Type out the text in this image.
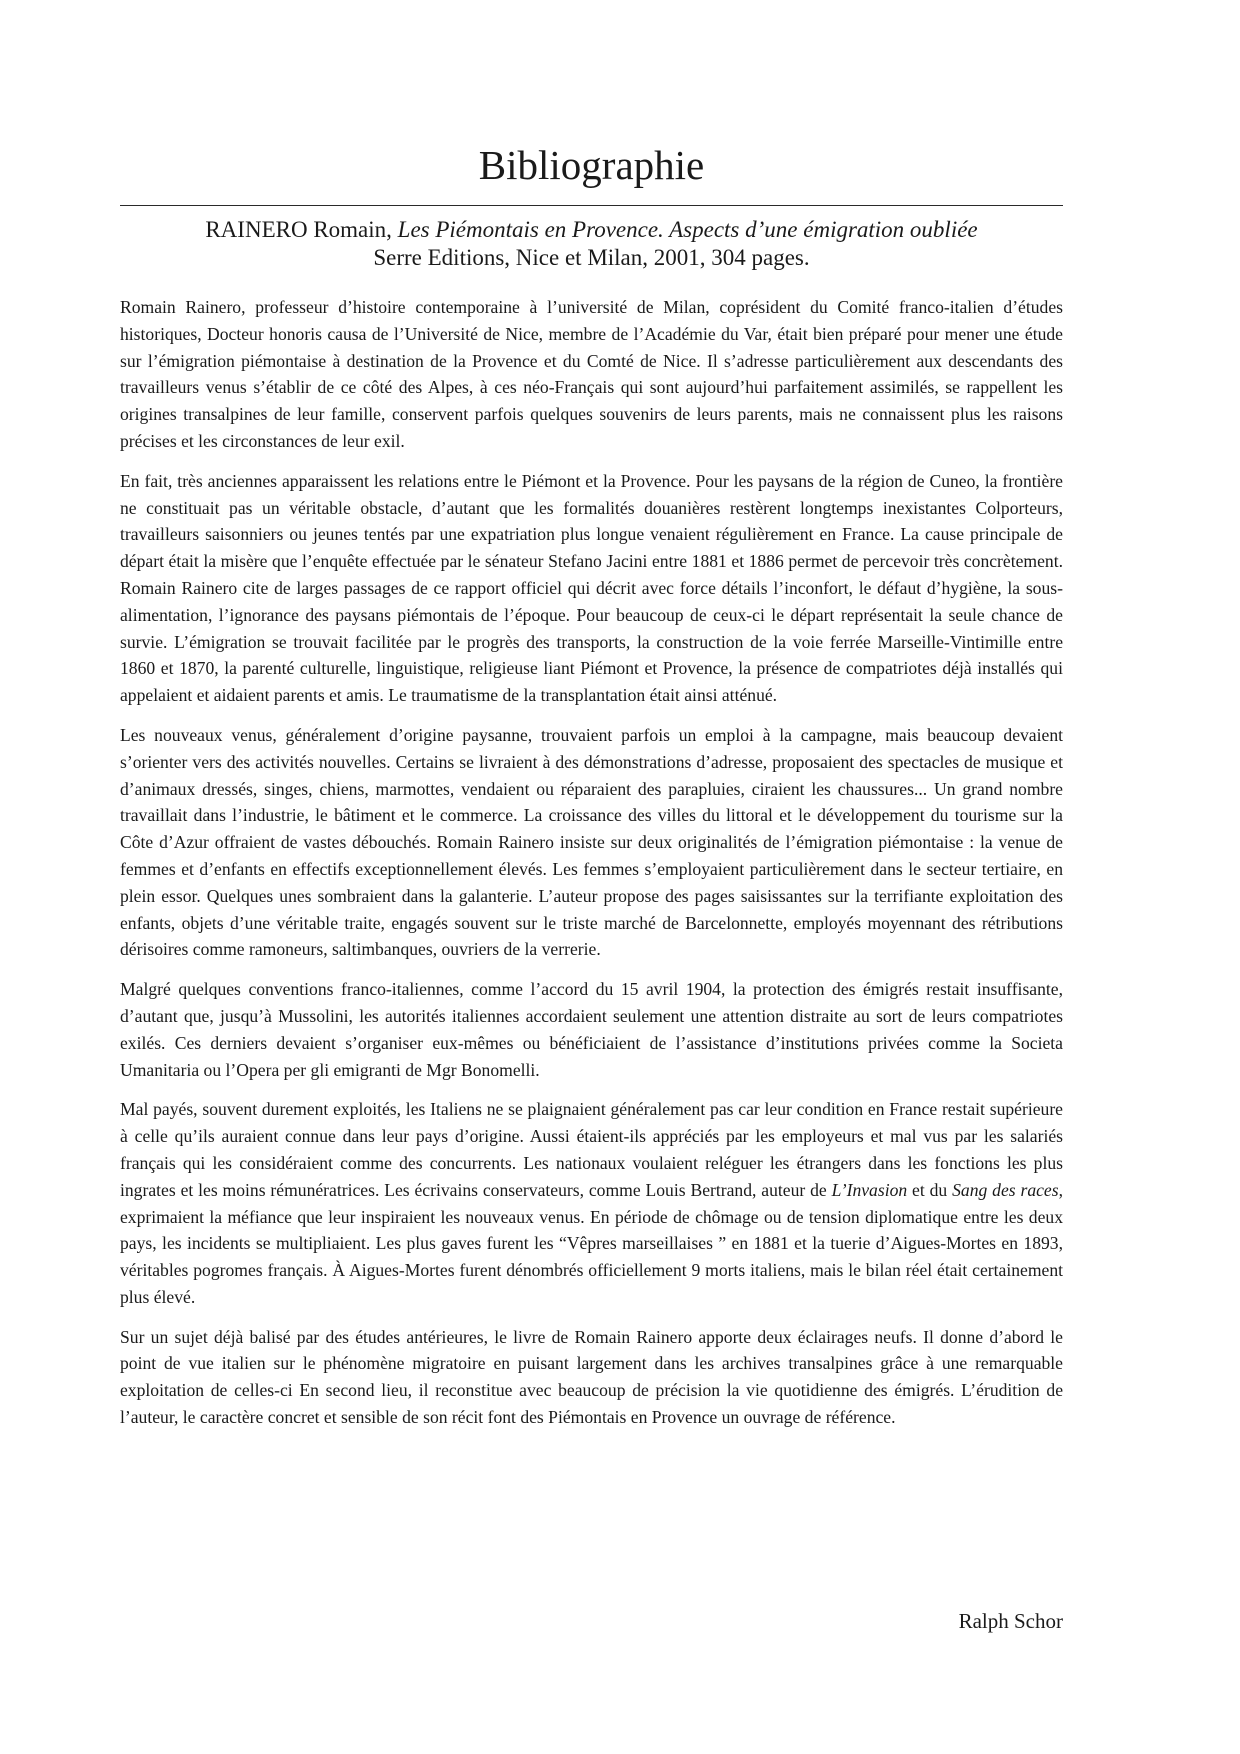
Bibliographie
RAINERO Romain, Les Piémontais en Provence. Aspects d’une émigration oubliée
Serre Editions, Nice et Milan, 2001, 304 pages.

Romain Rainero, professeur d’histoire contemporaine à l’université de Milan, coprésident du Comité franco-italien d’études historiques, Docteur honoris causa de l’Université de Nice, membre de l’Académie du Var, était bien préparé pour mener une étude sur l’émigration piémontaise à destination de la Provence et du Comté de Nice. Il s’adresse particulièrement aux descendants des travailleurs venus s’établir de ce côté des Alpes, à ces néo-Français qui sont aujourd’hui parfaitement assimilés, se rappellent les origines transalpines de leur famille, conservent parfois quelques souvenirs de leurs parents, mais ne connaissent plus les raisons précises et les circonstances de leur exil.

En fait, très anciennes apparaissent les relations entre le Piémont et la Provence. Pour les paysans de la région de Cuneo, la frontière ne constituait pas un véritable obstacle, d’autant que les formalités douanières restèrent longtemps inexistantes Colporteurs, travailleurs saisonniers ou jeunes tentés par une expatriation plus longue venaient régulièrement en France. La cause principale de départ était la misère que l’enquête effectuée par le sénateur Stefano Jacini entre 1881 et 1886 permet de percevoir très concrètement. Romain Rainero cite de larges passages de ce rapport officiel qui décrit avec force détails l’inconfort, le défaut d’hygiène, la sous-alimentation, l’ignorance des paysans piémontais de l’époque. Pour beaucoup de ceux-ci le départ représentait la seule chance de survie. L’émigration se trouvait facilitée par le progrès des transports, la construction de la voie ferrée Marseille-Vintimille entre 1860 et 1870, la parenté culturelle, linguistique, religieuse liant Piémont et Provence, la présence de compatriotes déjà installés qui appelaient et aidaient parents et amis. Le traumatisme de la transplantation était ainsi atténué.

Les nouveaux venus, généralement d’origine paysanne, trouvaient parfois un emploi à la campagne, mais beaucoup devaient s’orienter vers des activités nouvelles. Certains se livraient à des démonstrations d’adresse, proposaient des spectacles de musique et d’animaux dressés, singes, chiens, marmottes, vendaient ou réparaient des parapluies, ciraient les chaussures... Un grand nombre travaillait dans l’industrie, le bâtiment et le commerce. La croissance des villes du littoral et le développement du tourisme sur la Côte d’Azur offraient de vastes débouchés. Romain Rainero insiste sur deux originalités de l’émigration piémontaise : la venue de femmes et d’enfants en effectifs exceptionnellement élevés. Les femmes s’employaient particulièrement dans le secteur tertiaire, en plein essor. Quelques unes sombraient dans la galanterie. L’auteur propose des pages saisissantes sur la terrifiante exploitation des enfants, objets d’une véritable traite, engagés souvent sur le triste marché de Barcelonnette, employés moyennant des rétributions dérisoires comme ramoneurs, saltimbanques, ouvriers de la verrerie.

Malgré quelques conventions franco-italiennes, comme l’accord du 15 avril 1904, la protection des émigrés restait insuffisante, d’autant que, jusqu’à Mussolini, les autorités italiennes accordaient seulement une attention distraite au sort de leurs compatriotes exilés. Ces derniers devaient s’organiser eux-mêmes ou bénéficiaient de l’assistance d’institutions privées comme la Societa Umanitaria ou l’Opera per gli emigranti de Mgr Bonomelli.

Mal payés, souvent durement exploités, les Italiens ne se plaignaient généralement pas car leur condition en France restait supérieure à celle qu’ils auraient connue dans leur pays d’origine. Aussi étaient-ils appréciés par les employeurs et mal vus par les salariés français qui les considéraient comme des concurrents. Les nationaux voulaient reléguer les étrangers dans les fonctions les plus ingrates et les moins rémunératrices. Les écrivains conservateurs, comme Louis Bertrand, auteur de L’Invasion et du Sang des races, exprimaient la méfiance que leur inspiraient les nouveaux venus. En période de chômage ou de tension diplomatique entre les deux pays, les incidents se multipliaient. Les plus gaves furent les “Vêpres marseillaises ” en 1881 et la tuerie d’Aigues-Mortes en 1893, véritables pogromes français. À Aigues-Mortes furent dénombrés officiellement 9 morts italiens, mais le bilan réel était certainement plus élevé.

Sur un sujet déjà balisé par des études antérieures, le livre de Romain Rainero apporte deux éclairages neufs. Il donne d’abord le point de vue italien sur le phénomène migratoire en puisant largement dans les archives transalpines grâce à une remarquable exploitation de celles-ci En second lieu, il reconstitue avec beaucoup de précision la vie quotidienne des émigrés. L’érudition de l’auteur, le caractère concret et sensible de son récit font des Piémontais en Provence un ouvrage de référence.

Ralph Schor
